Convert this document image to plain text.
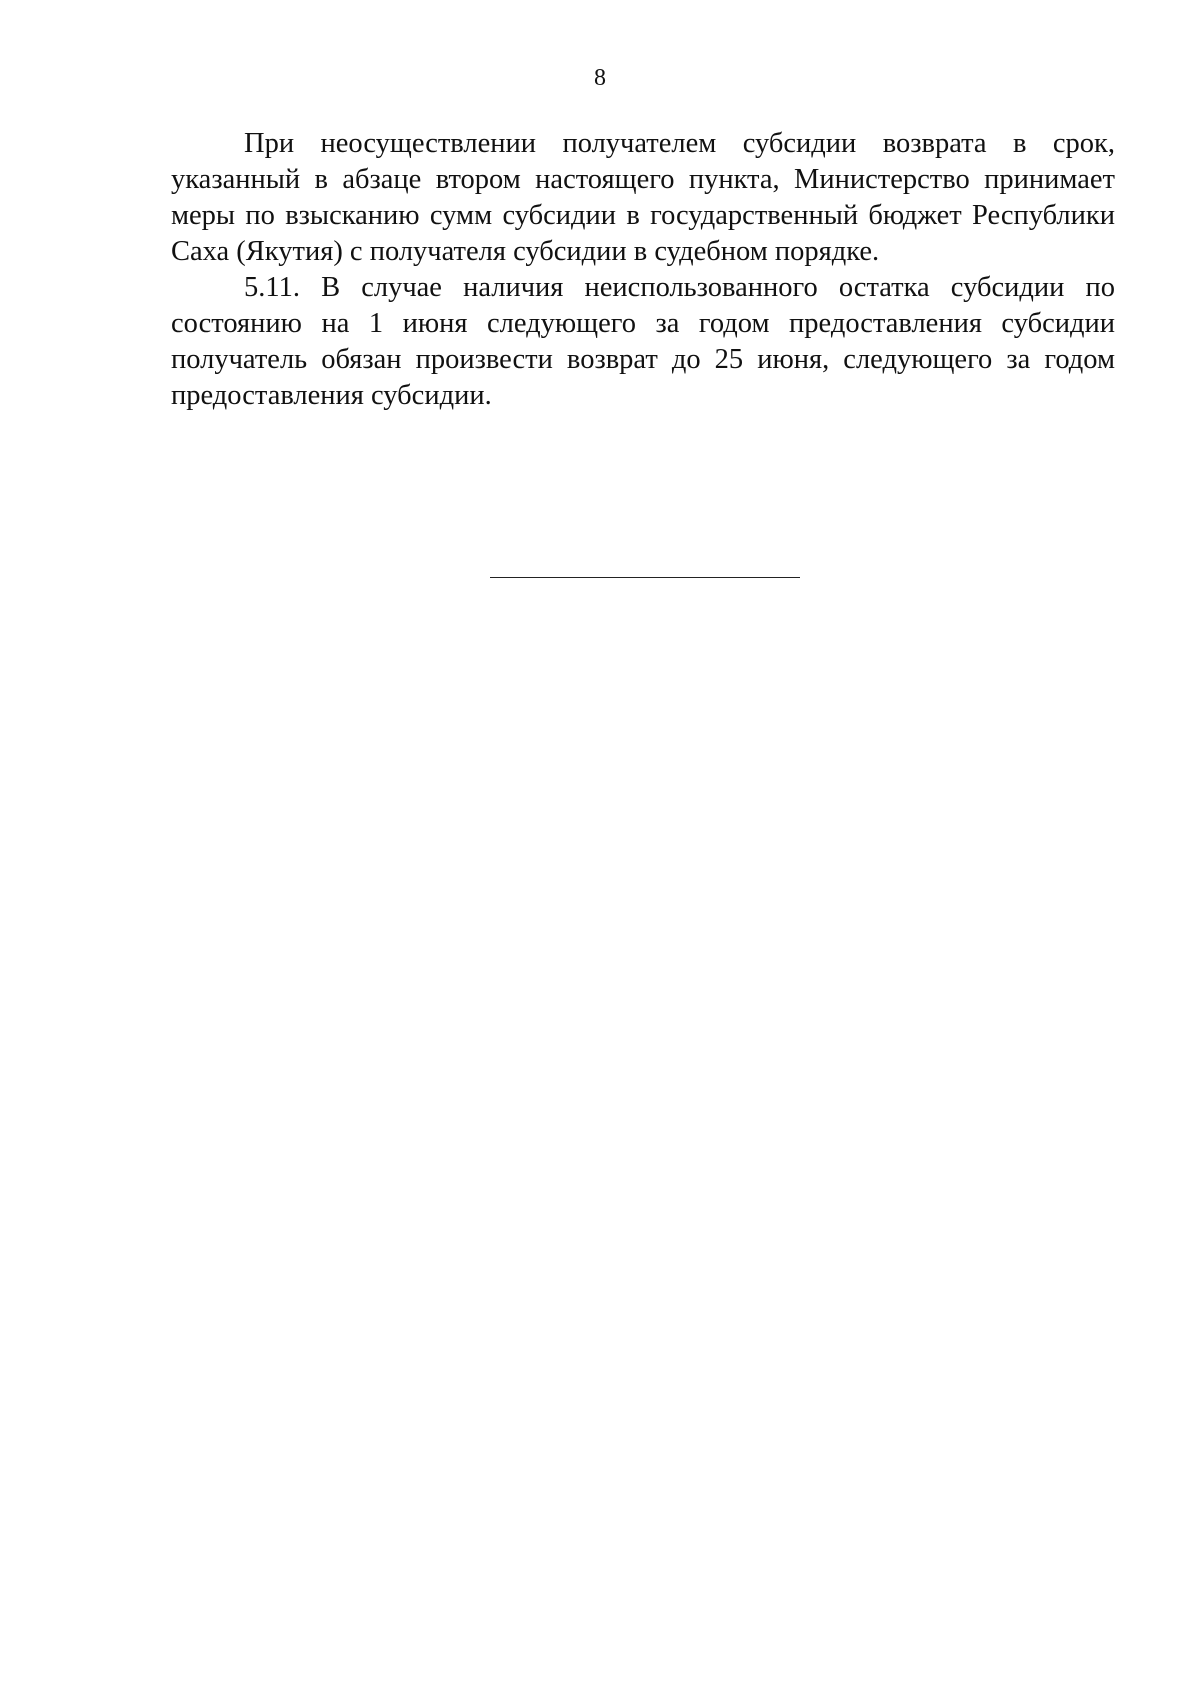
8

При неосуществлении получателем субсидии возврата в срок, указанный в абзаце втором настоящего пункта, Министерство принимает меры по взысканию сумм субсидии в государственный бюджет Республики Саха (Якутия) с получателя субсидии в судебном порядке.

5.11. В случае наличия неиспользованного остатка субсидии по состоянию на 1 июня следующего за годом предоставления субсидии получатель обязан произвести возврат до 25 июня, следующего за годом предоставления субсидии.
